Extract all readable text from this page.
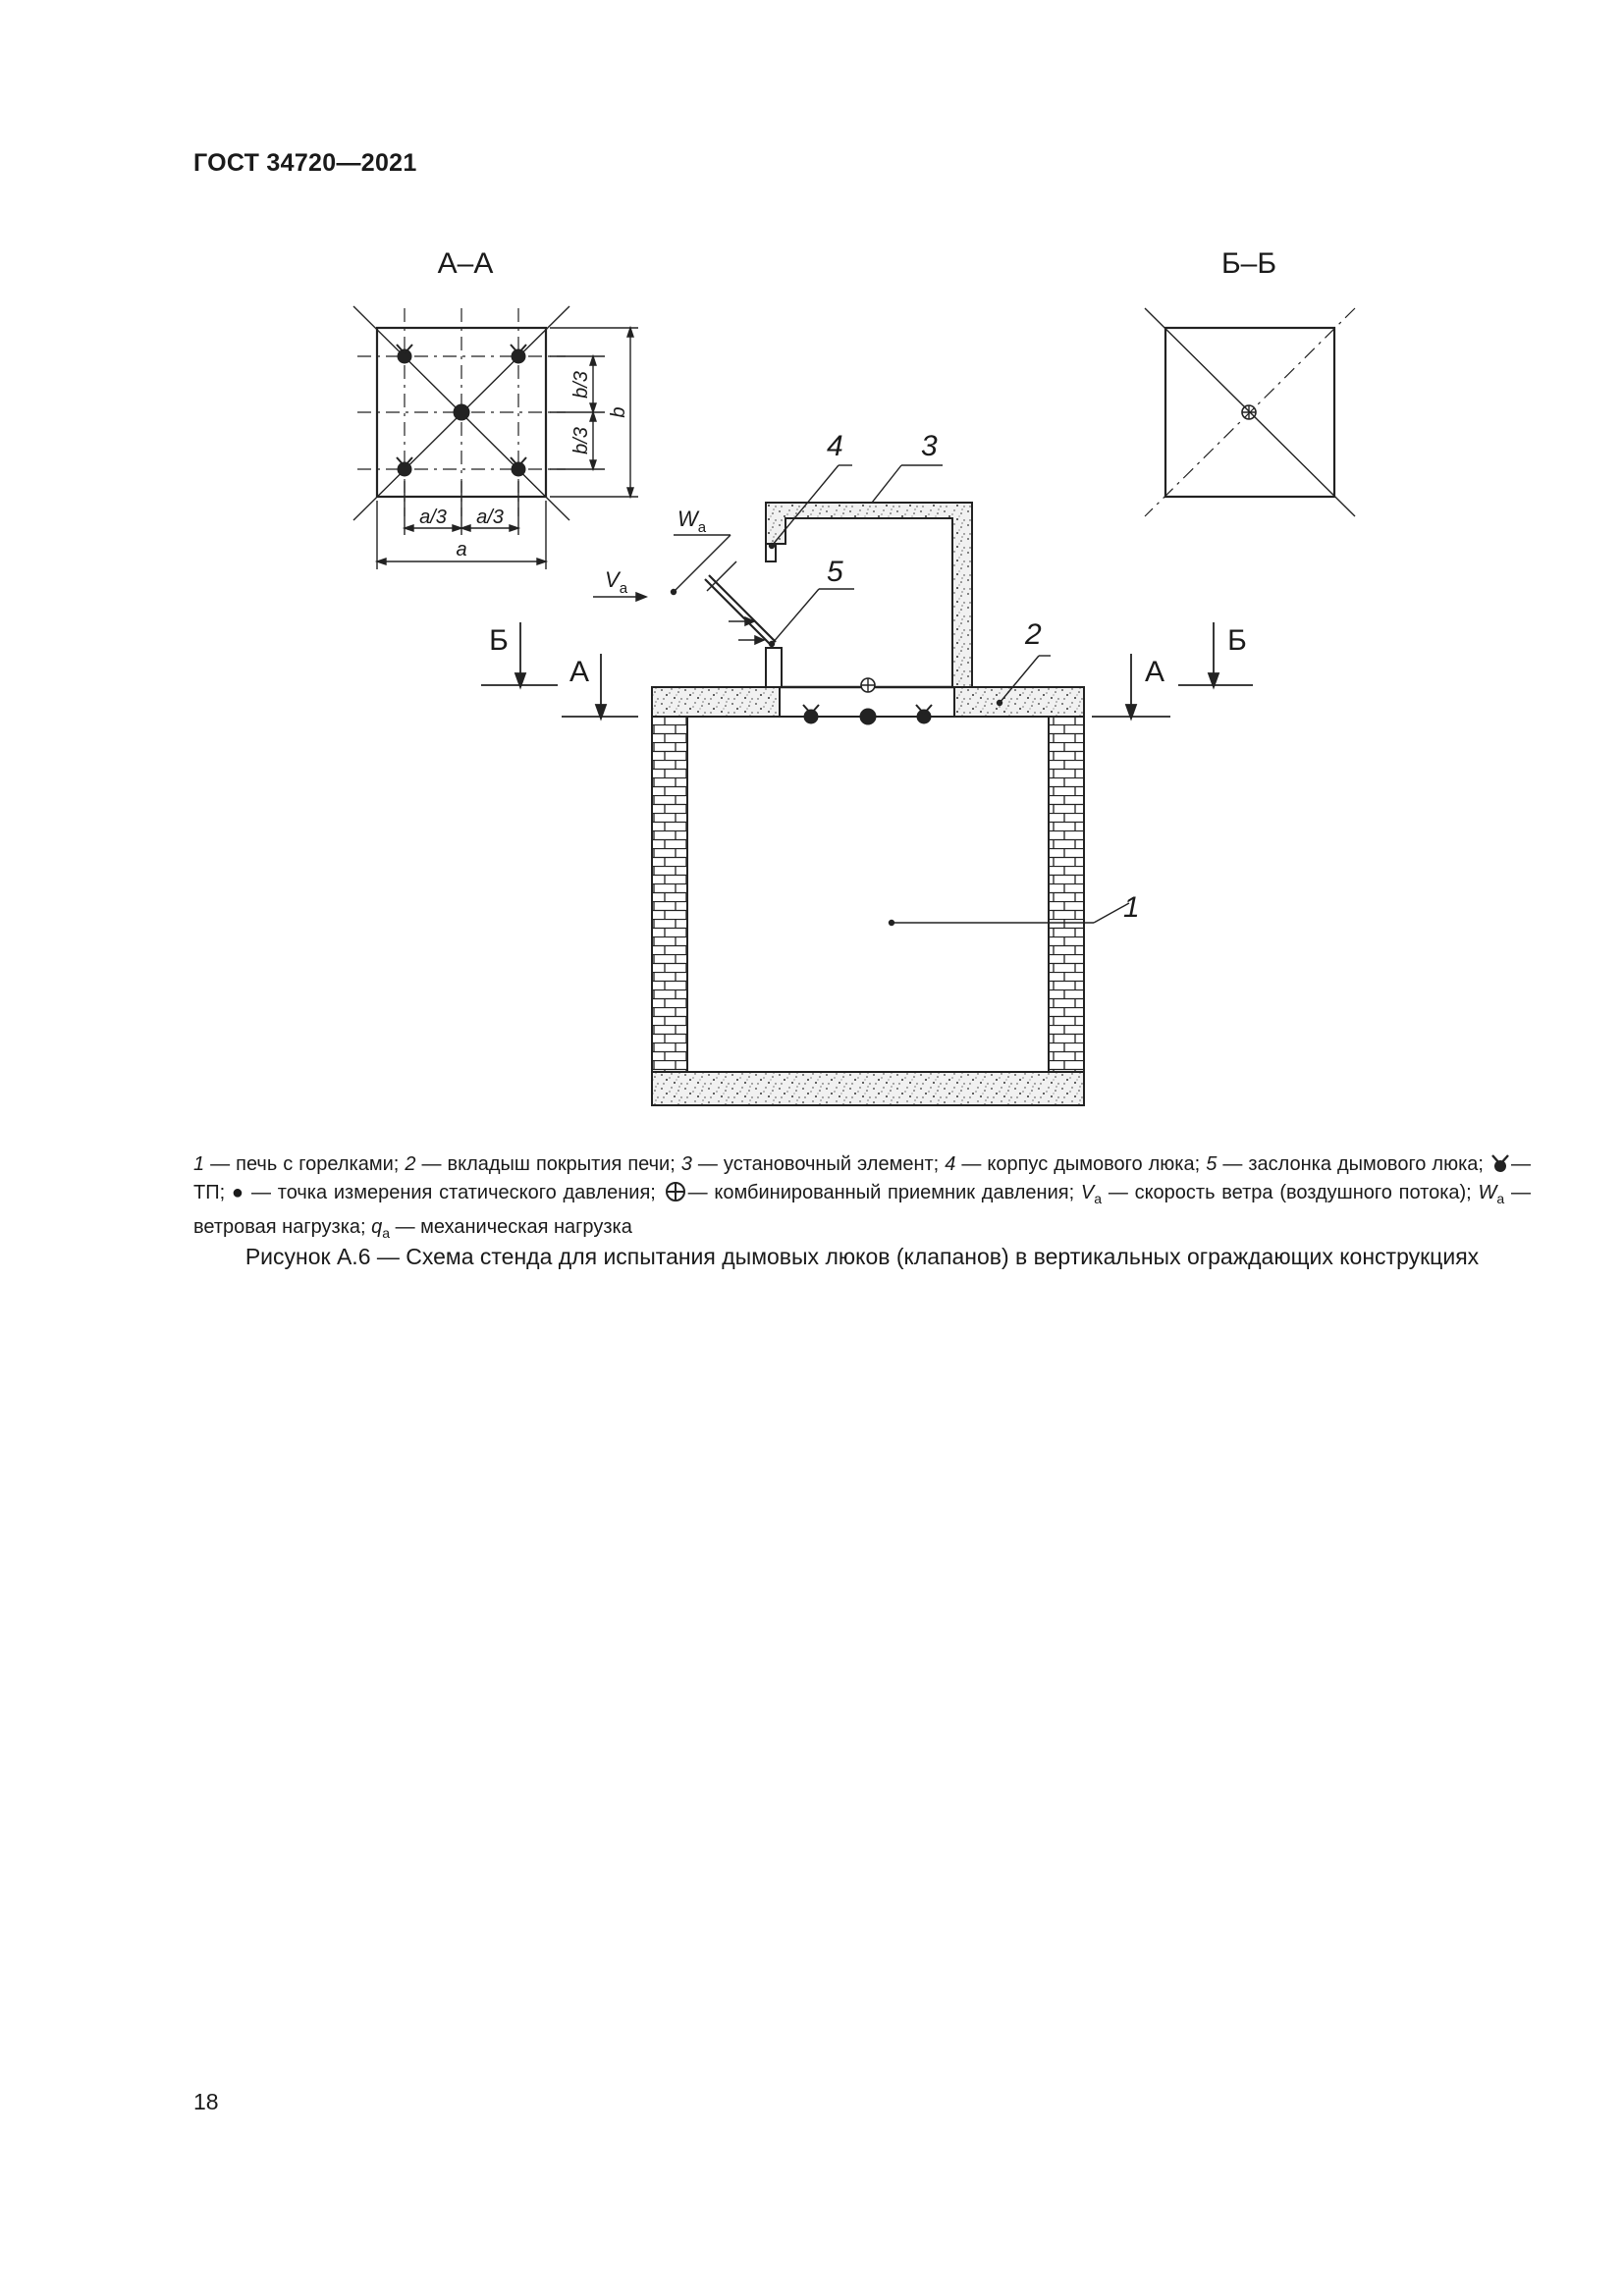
ГОСТ 34720—2021
А–А
a/3 a/3
a
b/3
b/3
b
Б–Б
$W_a$
$V_a$
1
2
3
4
5
Б
А	А
Б
1 — печь с горелками; 2 — вкладыш покрытия печи; 3 — установочный элемент; 4 — корпус дымового люка; 5 — заслонка дымового люка; — ТП; ● — точка измерения статического давления; — комбинированный приемник давления; $V_a$ — скорость ветра (воздушного потока); $W_a$ — ветровая нагрузка; $q_a$ — механическая нагрузка
Рисунок А.6 — Схема стенда для испытания дымовых люков (клапанов) в вертикальных ограждающих конструкциях
18
